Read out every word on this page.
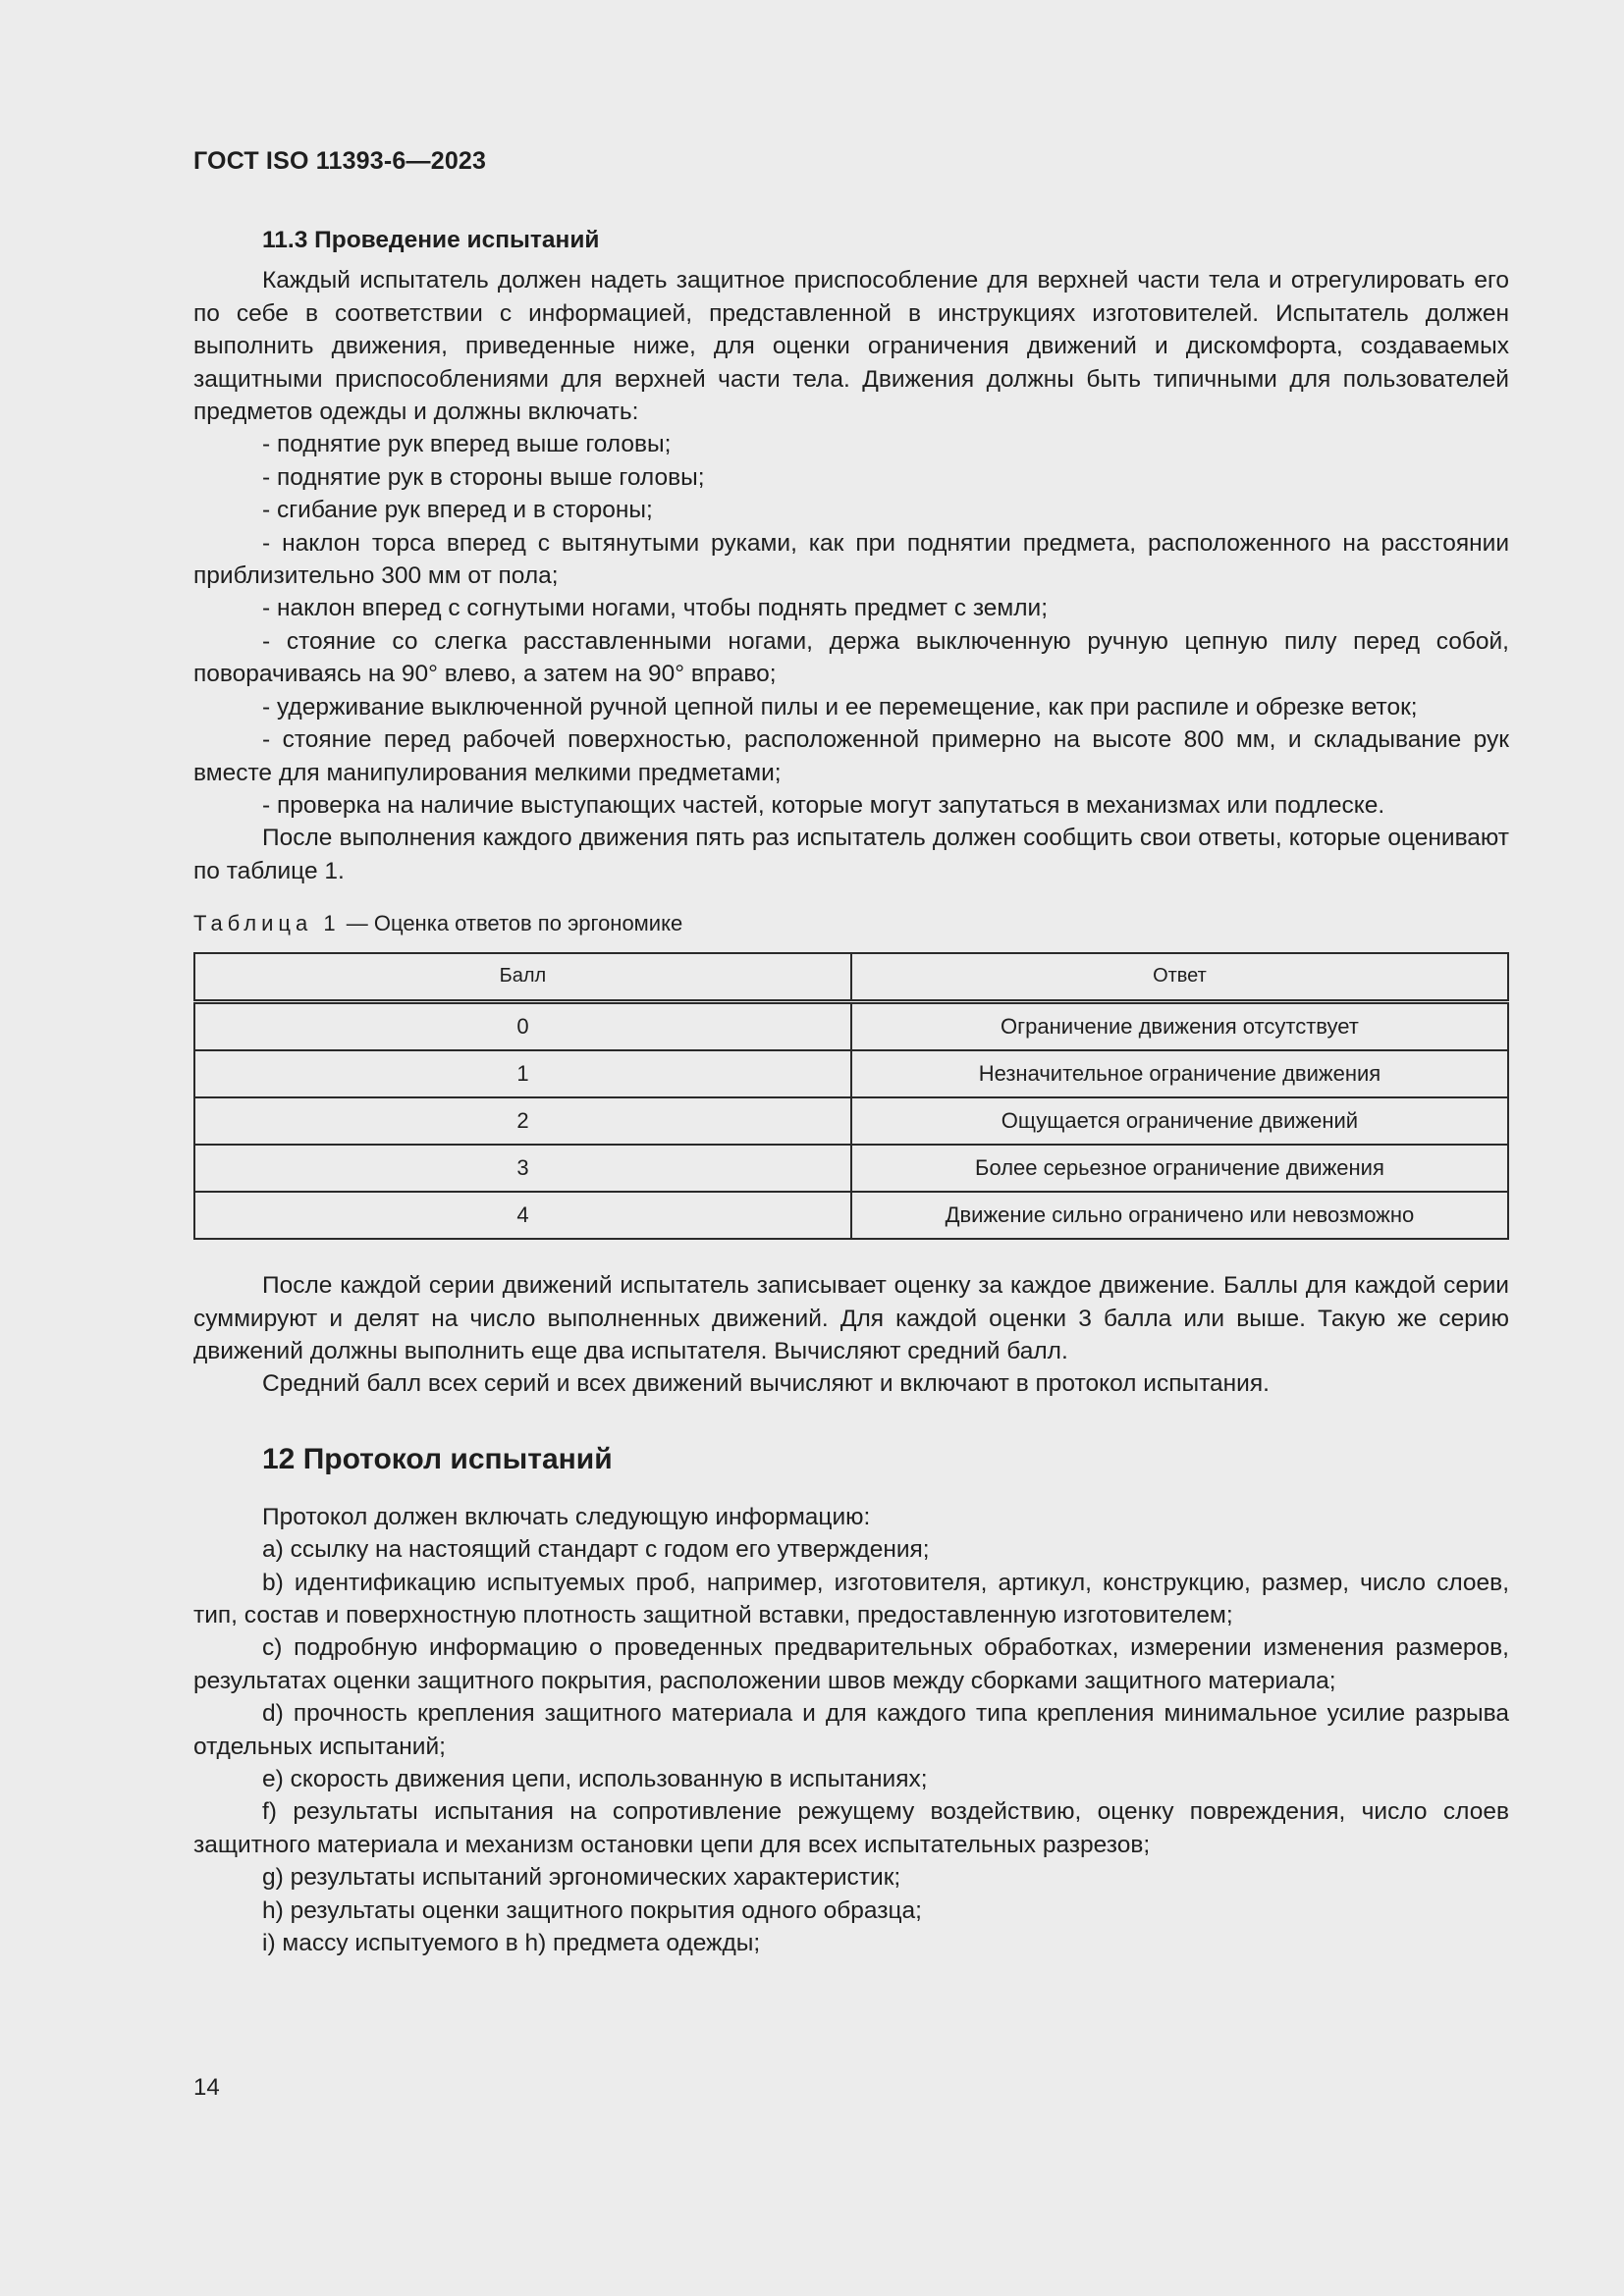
ГОСТ ISO 11393-6—2023
11.3 Проведение испытаний

Каждый испытатель должен надеть защитное приспособление для верхней части тела и отрегулировать его по себе в соответствии с информацией, представленной в инструкциях изготовителей. Испытатель должен выполнить движения, приведенные ниже, для оценки ограничения движений и дискомфорта, создаваемых защитными приспособлениями для верхней части тела. Движения должны быть типичными для пользователей предметов одежды и должны включать:

- поднятие рук вперед выше головы;

- поднятие рук в стороны выше головы;

- сгибание рук вперед и в стороны;

- наклон торса вперед с вытянутыми руками, как при поднятии предмета, расположенного на расстоянии приблизительно 300 мм от пола;

- наклон вперед с согнутыми ногами, чтобы поднять предмет с земли;

- стояние со слегка расставленными ногами, держа выключенную ручную цепную пилу перед собой, поворачиваясь на 90° влево, а затем на 90° вправо;

- удерживание выключенной ручной цепной пилы и ее перемещение, как при распиле и обрезке веток;

- стояние перед рабочей поверхностью, расположенной примерно на высоте 800 мм, и складывание рук вместе для манипулирования мелкими предметами;

- проверка на наличие выступающих частей, которые могут запутаться в механизмах или подлеске.

После выполнения каждого движения пять раз испытатель должен сообщить свои ответы, которые оценивают по таблице 1.

Таблица 1 — Оценка ответов по эргономике
Балл	Ответ
0	Ограничение движения отсутствует
1	Незначительное ограничение движения
2	Ощущается ограничение движений
3	Более серьезное ограничение движения
4	Движение сильно ограничено или невозможно

После каждой серии движений испытатель записывает оценку за каждое движение. Баллы для каждой серии суммируют и делят на число выполненных движений. Для каждой оценки 3 балла или выше. Такую же серию движений должны выполнить еще два испытателя. Вычисляют средний балл.

Средний балл всех серий и всех движений вычисляют и включают в протокол испытания.

12 Протокол испытаний

Протокол должен включать следующую информацию:

a) ссылку на настоящий стандарт с годом его утверждения;

b) идентификацию испытуемых проб, например, изготовителя, артикул, конструкцию, размер, число слоев, тип, состав и поверхностную плотность защитной вставки, предоставленную изготовителем;

c) подробную информацию о проведенных предварительных обработках, измерении изменения размеров, результатах оценки защитного покрытия, расположении швов между сборками защитного материала;

d) прочность крепления защитного материала и для каждого типа крепления минимальное усилие разрыва отдельных испытаний;

e) скорость движения цепи, использованную в испытаниях;

f) результаты испытания на сопротивление режущему воздействию, оценку повреждения, число слоев защитного материала и механизм остановки цепи для всех испытательных разрезов;

g) результаты испытаний эргономических характеристик;

h) результаты оценки защитного покрытия одного образца;

i) массу испытуемого в h) предмета одежды;

14
